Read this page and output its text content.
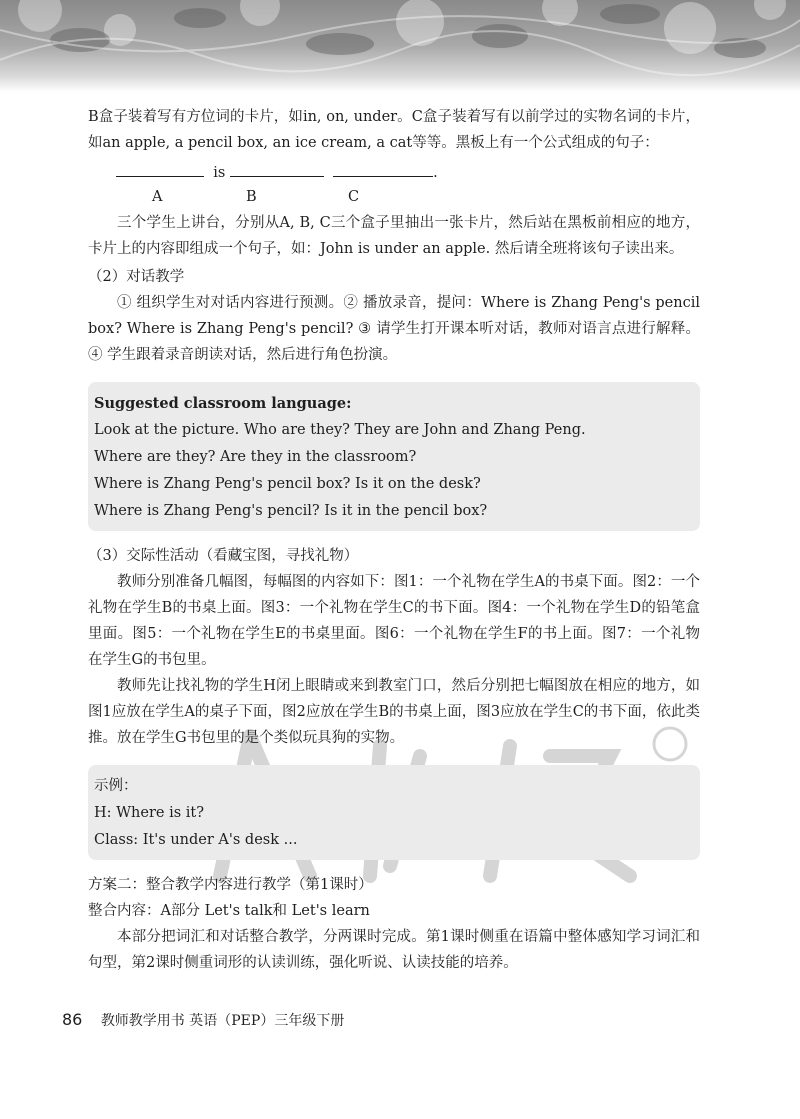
B盒子装着写有方位词的卡片，如in, on, under。C盒子装着写有以前学过的实物名词的卡片，如an apple, a pencil box, an ice cream, a cat等等。黑板上有一个公式组成的句子：

is	.
A	B	C

三个学生上讲台，分别从A, B, C三个盒子里抽出一张卡片，然后站在黑板前相应的地方，卡片上的内容即组成一个句子，如：John is under an apple. 然后请全班将该句子读出来。

（2）对话教学

① 组织学生对对话内容进行预测。② 播放录音，提问：Where is Zhang Peng's pencil box? Where is Zhang Peng's pencil? ③ 请学生打开课本听对话，教师对语言点进行解释。④ 学生跟着录音朗读对话，然后进行角色扮演。

Suggested classroom language:

Look at the picture. Who are they? They are John and Zhang Peng.

Where are they? Are they in the classroom?

Where is Zhang Peng's pencil box? Is it on the desk?

Where is Zhang Peng's pencil? Is it in the pencil box?

（3）交际性活动（看藏宝图，寻找礼物）

教师分别准备几幅图，每幅图的内容如下：图1：一个礼物在学生A的书桌下面。图2：一个礼物在学生B的书桌上面。图3：一个礼物在学生C的书下面。图4：一个礼物在学生D的铅笔盒里面。图5：一个礼物在学生E的书桌里面。图6：一个礼物在学生F的书上面。图7：一个礼物在学生G的书包里。

教师先让找礼物的学生H闭上眼睛或来到教室门口，然后分别把七幅图放在相应的地方，如图1应放在学生A的桌子下面，图2应放在学生B的书桌上面，图3应放在学生C的书下面，依此类推。放在学生G书包里的是个类似玩具狗的实物。

示例：

H: Where is it?

Class: It's under A's desk ...

方案二：整合教学内容进行教学（第1课时）

整合内容：A部分 Let's talk和 Let's learn

本部分把词汇和对话整合教学，分两课时完成。第1课时侧重在语篇中整体感知学习词汇和句型，第2课时侧重词形的认读训练，强化听说、认读技能的培养。

86 教师教学用书 英语（PEP）三年级下册
